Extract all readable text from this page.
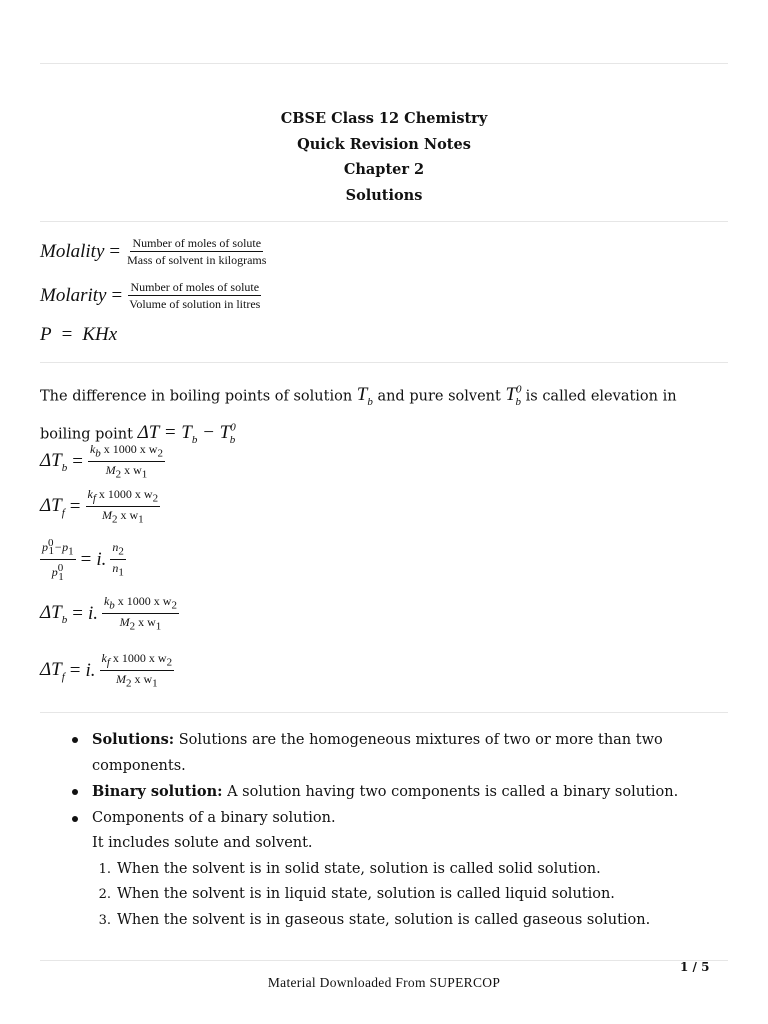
CBSE Class 12 Chemistry
Quick Revision Notes
Chapter 2
Solutions
Molality = $\frac{\text{Number of moles of solute}}{\text{Mass of solvent in kilograms}}$
Molarity = $\frac{\text{Number of moles of solute}}{\text{Volume of solution in litres}}$
P = KHx
The difference in boiling points of solution $T_b$ and pure solvent $T^0_b$ is called elevation in boiling point $\Delta T = T_b - T^0_b$
$\Delta T_b = \frac{k_b x 1000 x w_2}{M_2 x w_1}$
$\Delta T_f = \frac{k_f x 1000 x w_2}{M_2 x w_1}$
$\frac{p^0_1-p_1}{p^0_1} = i$. $\frac{n_2}{n_1}$
$\Delta T_b = i$. $\frac{k_b x 1000 x w_2}{M_2 x w_1}$
$\Delta T_f = i$. $\frac{k_f x 1000 x w_2}{M_2 x w_1}$
Solutions: Solutions are the homogeneous mixtures of two or more than two components.
Binary solution: A solution having two components is called a binary solution.
Components of a binary solution.
It includes solute and solvent.
1. When the solvent is in solid state, solution is called solid solution.
2. When the solvent is in liquid state, solution is called liquid solution.
3. When the solvent is in gaseous state, solution is called gaseous solution.
1 / 5
Material Downloaded From SUPERCOP
